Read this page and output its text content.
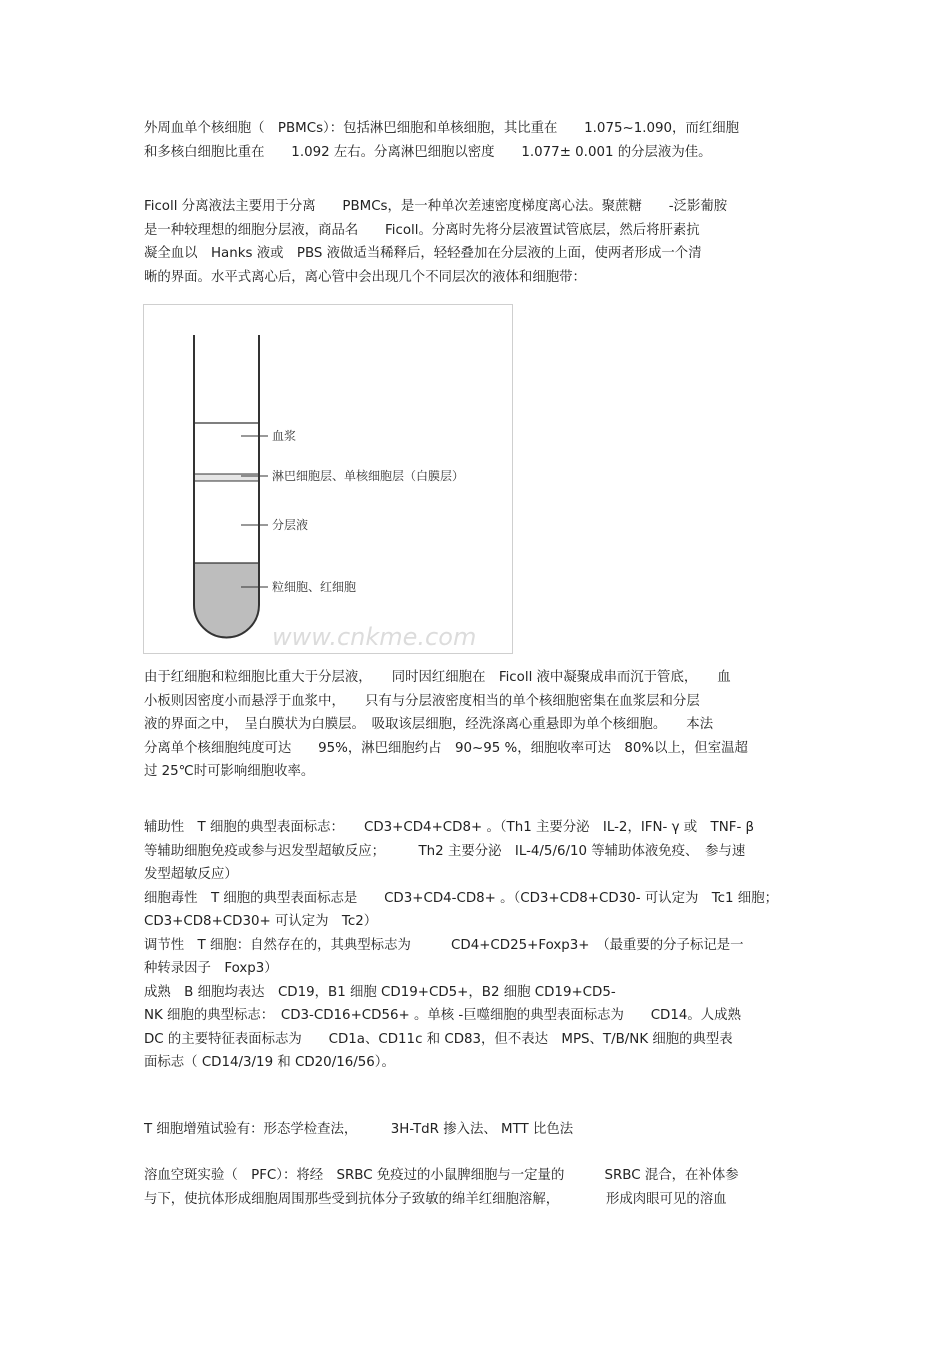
外周血单个核细胞（　PBMCs）：包括淋巴细胞和单核细胞，其比重在　　1.075~1.090，而红细胞
和多核白细胞比重在　　1.092 左右。分离淋巴细胞以密度　　1.077± 0.001 的分层液为佳。
Ficoll 分离液法主要用于分离　　PBMCs，是一种单次差速密度梯度离心法。聚蔗糖　　-泛影葡胺
是一种较理想的细胞分层液，商品名　　Ficoll。分离时先将分层液置试管底层，然后将肝素抗
凝全血以　Hanks 液或　PBS 液做适当稀释后，轻轻叠加在分层液的上面，使两者形成一个清
晰的界面。水平式离心后，离心管中会出现几个不同层次的液体和细胞带：
血浆
淋巴细胞层、单核细胞层（白膜层）
分层液
粒细胞、红细胞
www.cnkme.com
由于红细胞和粒细胞比重大于分层液，　　同时因红细胞在　Ficoll 液中凝聚成串而沉于管底，　　血
小板则因密度小而悬浮于血浆中，　　只有与分层液密度相当的单个核细胞密集在血浆层和分层
液的界面之中，　呈白膜状为白膜层。　吸取该层细胞，经洗涤离心重悬即为单个核细胞。　　本法
分离单个核细胞纯度可达　　95%，淋巴细胞约占　90~95 %，细胞收率可达　80%以上，但室温超
过 25℃时可影响细胞收率。
辅助性　T 细胞的典型表面标志：　　CD3+CD4+CD8+ 。（Th1 主要分泌　IL-2，IFN- γ 或　TNF- β
等辅助细胞免疫或参与迟发型超敏反应；　　　Th2 主要分泌　IL-4/5/6/10 等辅助体液免疫、　参与速
发型超敏反应）
细胞毒性　T 细胞的典型表面标志是　　CD3+CD4-CD8+ 。（CD3+CD8+CD30- 可认定为　Tc1 细胞；
CD3+CD8+CD30+ 可认定为　Tc2）
调节性　T 细胞：自然存在的，其典型标志为　　　CD4+CD25+Foxp3+　（最重要的分子标记是一
种转录因子　Foxp3）
成熟　B 细胞均表达　CD19，B1 细胞 CD19+CD5+，B2 细胞 CD19+CD5-
NK 细胞的典型标志：　CD3-CD16+CD56+ 。单核 -巨噬细胞的典型表面标志为　　CD14。人成熟
DC 的主要特征表面标志为　　CD1a、CD11c 和 CD83，但不表达　MPS、T/B/NK 细胞的典型表
面标志（ CD14/3/19 和 CD20/16/56）。
T 细胞增殖试验有：形态学检查法，　　　3H-TdR 掺入法、 MTT 比色法
溶血空斑实验（　PFC）：将经　SRBC 免疫过的小鼠脾细胞与一定量的　　　SRBC 混合，在补体参
与下，使抗体形成细胞周围那些受到抗体分子致敏的绵羊红细胞溶解，　　　　形成肉眼可见的溶血
